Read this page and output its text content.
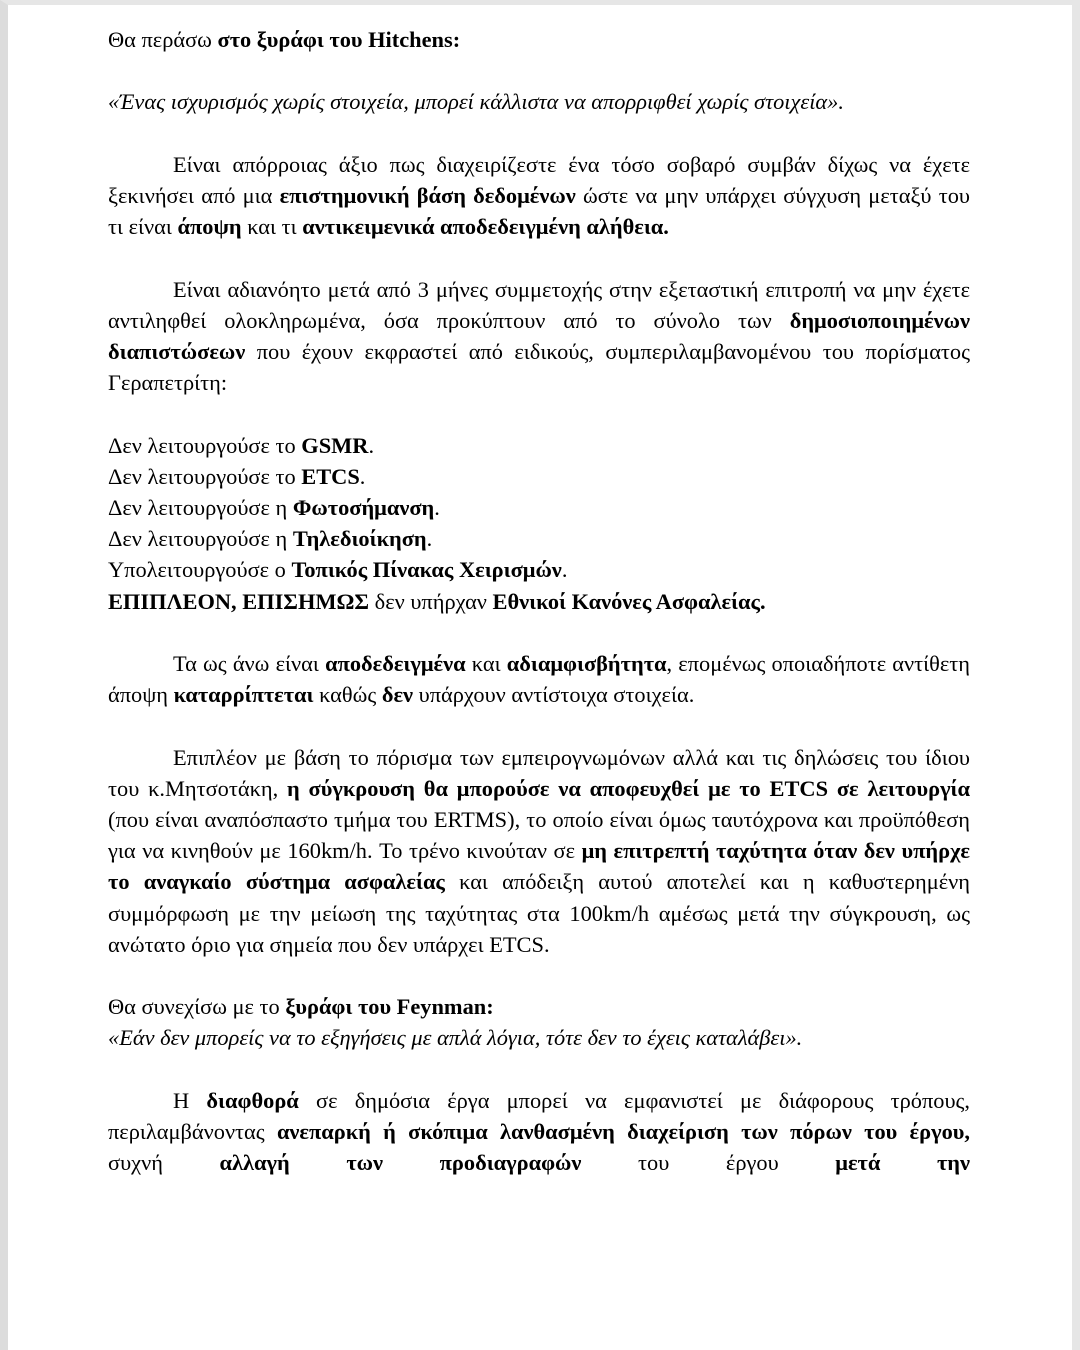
Θα περάσω στο ξυράφι του Hitchens:

«Ένας ισχυρισμός χωρίς στοιχεία, μπορεί κάλλιστα να απορριφθεί χωρίς στοιχεία».

Είναι απόρροιας άξιο πως διαχειρίζεστε ένα τόσο σοβαρό συμβάν δίχως να έχετε ξεκινήσει από μια επιστημονική βάση δεδομένων ώστε να μην υπάρχει σύγχυση μεταξύ του τι είναι άποψη και τι αντικειμενικά αποδεδειγμένη αλήθεια.

Είναι αδιανόητο μετά από 3 μήνες συμμετοχής στην εξεταστική επιτροπή να μην έχετε αντιληφθεί ολοκληρωμένα, όσα προκύπτουν από το σύνολο των δημοσιοποιημένων διαπιστώσεων που έχουν εκφραστεί από ειδικούς, συμπεριλαμβανομένου του πορίσματος Γεραπετρίτη:

Δεν λειτουργούσε το GSMR.

Δεν λειτουργούσε το ETCS.

Δεν λειτουργούσε η Φωτοσήμανση.

Δεν λειτουργούσε η Τηλεδιοίκηση.

Υπολειτουργούσε ο Τοπικός Πίνακας Χειρισμών.

ΕΠΙΠΛΕΟΝ, ΕΠΙΣΗΜΩΣ δεν υπήρχαν Εθνικοί Κανόνες Ασφαλείας.

Τα ως άνω είναι αποδεδειγμένα και αδιαμφισβήτητα, επομένως οποιαδήποτε αντίθετη άποψη καταρρίπτεται καθώς δεν υπάρχουν αντίστοιχα στοιχεία.

Επιπλέον με βάση το πόρισμα των εμπειρογνωμόνων αλλά και τις δηλώσεις του ίδιου του κ.Μητσοτάκη, η σύγκρουση θα μπορούσε να αποφευχθεί με το ETCS σε λειτουργία (που είναι αναπόσπαστο τμήμα του ERTMS), το οποίο είναι όμως ταυτόχρονα και προϋπόθεση για να κινηθούν με 160km/h. Το τρένο κινούταν σε μη επιτρεπτή ταχύτητα όταν δεν υπήρχε το αναγκαίο σύστημα ασφαλείας και απόδειξη αυτού αποτελεί και η καθυστερημένη συμμόρφωση με την μείωση της ταχύτητας στα 100km/h αμέσως μετά την σύγκρουση, ως ανώτατο όριο για σημεία που δεν υπάρχει ETCS.

Θα συνεχίσω με το ξυράφι του Feynman:

«Εάν δεν μπορείς να το εξηγήσεις με απλά λόγια, τότε δεν το έχεις καταλάβει».

Η διαφθορά σε δημόσια έργα μπορεί να εμφανιστεί με διάφορους τρόπους, περιλαμβάνοντας ανεπαρκή ή σκόπιμα λανθασμένη διαχείριση των πόρων του έργου, συχνή αλλαγή των προδιαγραφών του έργου μετά την
